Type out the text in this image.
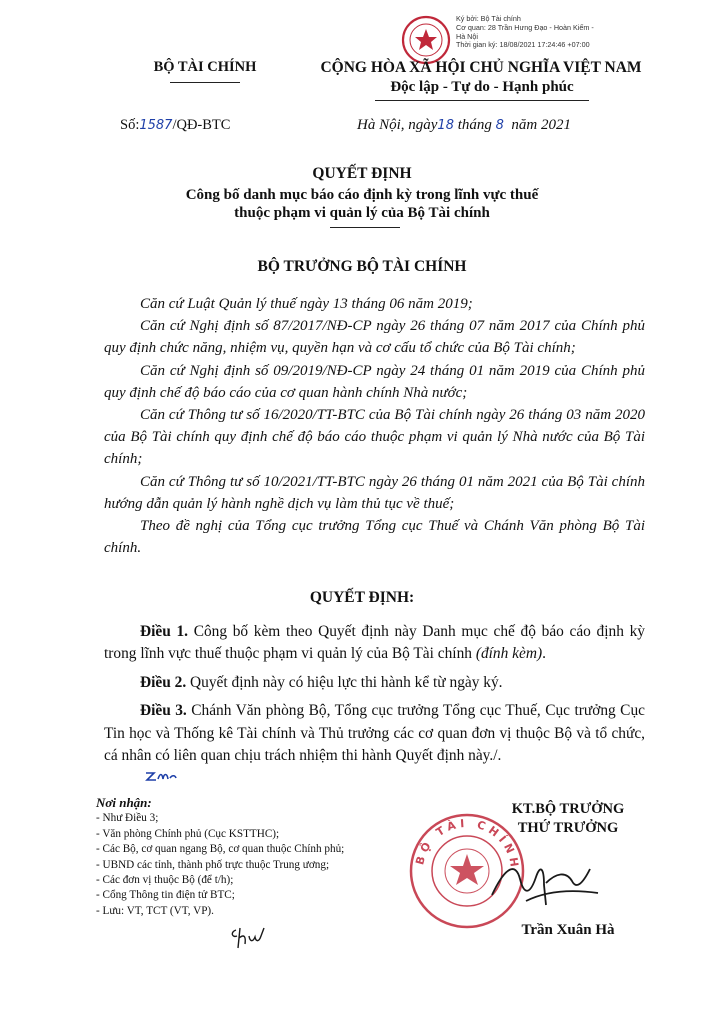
Ký bởi: Bộ Tài chính
Cơ quan: 28 Trần Hưng Đạo - Hoàn Kiếm -
Hà Nội
Thời gian ký: 18/08/2021 17:24:46 +07:00
BỘ TÀI CHÍNH	CỘNG HÒA XÃ HỘI CHỦ NGHĨA VIỆT NAM
Độc lập - Tự do - Hạnh phúc
Số:1587/QĐ-BTC	Hà Nội, ngày18 tháng 8 năm 2021
QUYẾT ĐỊNH
Công bố danh mục báo cáo định kỳ trong lĩnh vực thuế
thuộc phạm vi quản lý của Bộ Tài chính
BỘ TRƯỞNG BỘ TÀI CHÍNH

Căn cứ Luật Quản lý thuế ngày 13 tháng 06 năm 2019;

Căn cứ Nghị định số 87/2017/NĐ-CP ngày 26 tháng 07 năm 2017 của Chính phủ quy định chức năng, nhiệm vụ, quyền hạn và cơ cấu tổ chức của Bộ Tài chính;

Căn cứ Nghị định số 09/2019/NĐ-CP ngày 24 tháng 01 năm 2019 của Chính phủ quy định chế độ báo cáo của cơ quan hành chính Nhà nước;

Căn cứ Thông tư số 16/2020/TT-BTC của Bộ Tài chính ngày 26 tháng 03 năm 2020 của Bộ Tài chính quy định chế độ báo cáo thuộc phạm vi quản lý Nhà nước của Bộ Tài chính;

Căn cứ Thông tư số 10/2021/TT-BTC ngày 26 tháng 01 năm 2021 của Bộ Tài chính hướng dẫn quản lý hành nghề dịch vụ làm thủ tục về thuế;

Theo đề nghị của Tổng cục trưởng Tổng cục Thuế và Chánh Văn phòng Bộ Tài chính.

QUYẾT ĐỊNH:

Điều 1. Công bố kèm theo Quyết định này Danh mục chế độ báo cáo định kỳ trong lĩnh vực thuế thuộc phạm vi quản lý của Bộ Tài chính (đính kèm).

Điều 2. Quyết định này có hiệu lực thi hành kể từ ngày ký.

Điều 3. Chánh Văn phòng Bộ, Tổng cục trưởng Tổng cục Thuế, Cục trưởng Cục Tin học và Thống kê Tài chính và Thủ trưởng các cơ quan đơn vị thuộc Bộ và tổ chức, cá nhân có liên quan chịu trách nhiệm thi hành Quyết định này./.

Nơi nhận:
- Như Điều 3;
- Văn phòng Chính phủ (Cục KSTTHC);
- Các Bộ, cơ quan ngang Bộ, cơ quan thuộc Chính phủ;
- UBND các tỉnh, thành phố trực thuộc Trung ương;
- Các đơn vị thuộc Bộ (để t/h);
- Cổng Thông tin điện tử BTC;
- Lưu: VT, TCT (VT, VP).
BỘ TÀI CHÍNH
KT.BỘ TRƯỞNG
THỨ TRƯỞNG
Trần Xuân Hà
